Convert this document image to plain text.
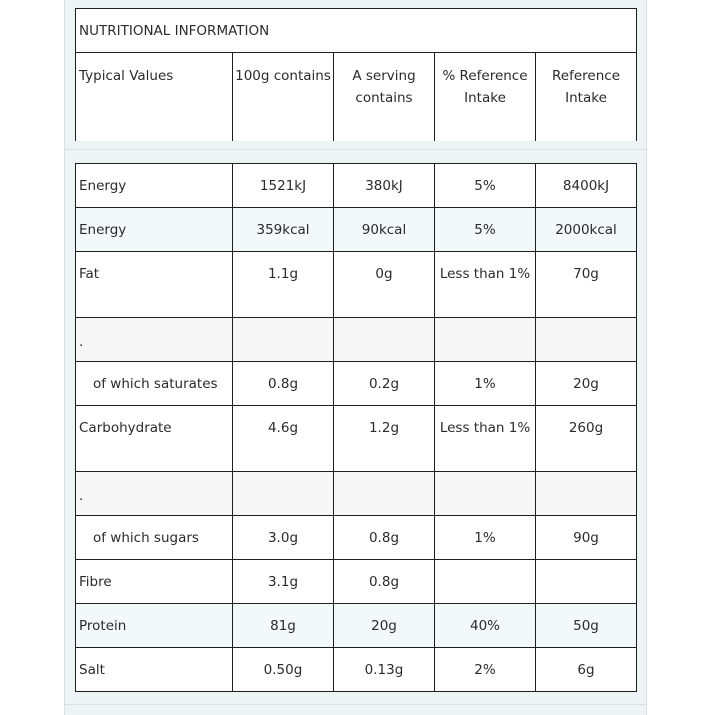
NUTRITIONAL INFORMATION
Typical Values	100g contains	A serving contains	% Reference Intake	Reference Intake
Energy	1521kJ	380kJ	5%	8400kJ
Energy	359kcal	90kcal	5%	2000kcal
Fat	1.1g	0g	Less than 1%	70g
.				
of which saturates	0.8g	0.2g	1%	20g
Carbohydrate	4.6g	1.2g	Less than 1%	260g
.				
of which sugars	3.0g	0.8g	1%	90g
Fibre	3.1g	0.8g		
Protein	81g	20g	40%	50g
Salt	0.50g	0.13g	2%	6g
